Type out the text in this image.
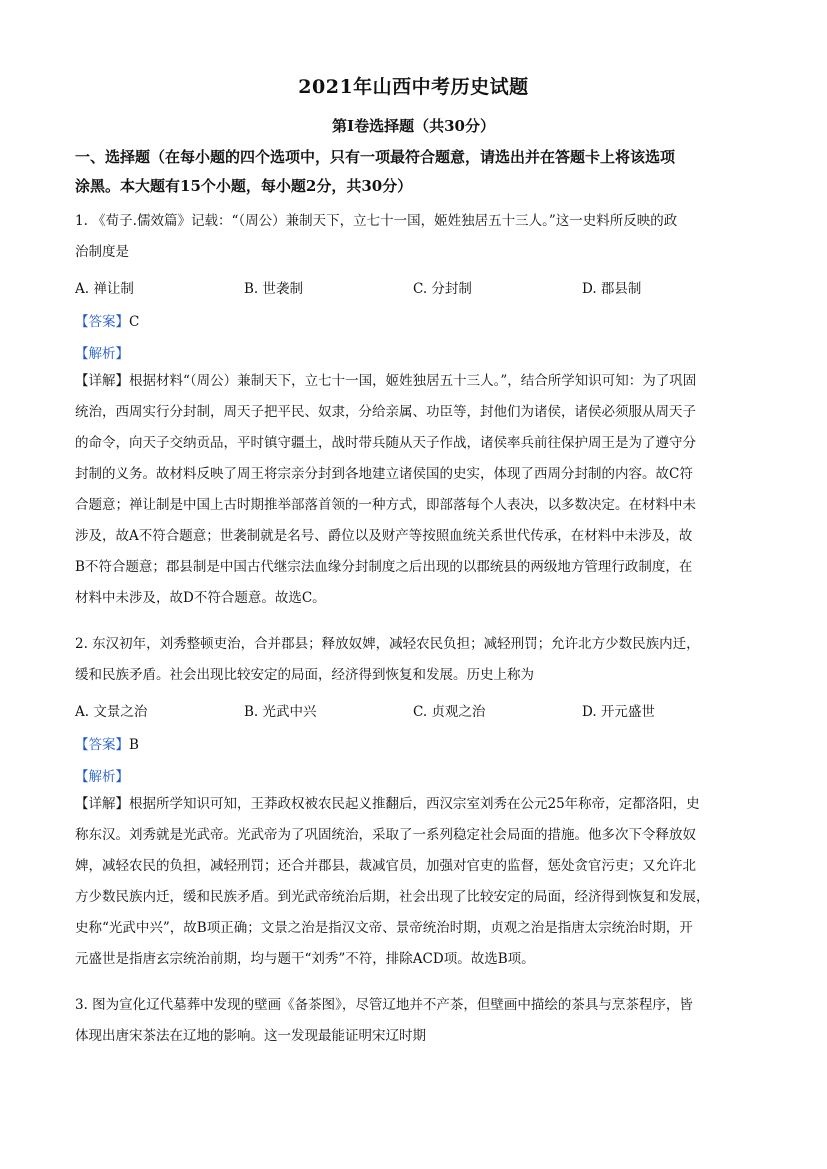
2021年山西中考历史试题
第Ⅰ卷选择题（共30分）
一、选择题（在每小题的四个选项中，只有一项最符合题意，请选出并在答题卡上将该选项
涂黑。本大题有15个小题，每小题2分，共30分）
1. 《荀子.儒效篇》记载：“（周公）兼制天下，立七十一国，姬姓独居五十三人。”这一史料所反映的政
治制度是
A. 禅让制	B. 世袭制	C. 分封制	D. 郡县制
【答案】C
【解析】
【详解】根据材料“（周公）兼制天下，立七十一国，姬姓独居五十三人。”，结合所学知识可知：为了巩固
统治，西周实行分封制，周天子把平民、奴隶，分给亲属、功臣等，封他们为诸侯，诸侯必须服从周天子
的命令，向天子交纳贡品，平时镇守疆土，战时带兵随从天子作战，诸侯率兵前往保护周王是为了遵守分
封制的义务。故材料反映了周王将宗亲分封到各地建立诸侯国的史实，体现了西周分封制的内容。故C符
合题意；禅让制是中国上古时期推举部落首领的一种方式，即部落每个人表决，以多数决定。在材料中未
涉及，故A不符合题意；世袭制就是名号、爵位以及财产等按照血统关系世代传承，在材料中未涉及，故
B不符合题意；郡县制是中国古代继宗法血缘分封制度之后出现的以郡统县的两级地方管理行政制度，在
材料中未涉及，故D不符合题意。故选C。
2. 东汉初年，刘秀整顿吏治，合并郡县；释放奴婢，减轻农民负担；减轻刑罚；允许北方少数民族内迁，
缓和民族矛盾。社会出现比较安定的局面，经济得到恢复和发展。历史上称为
A. 文景之治	B. 光武中兴	C. 贞观之治	D. 开元盛世
【答案】B
【解析】
【详解】根据所学知识可知，王莽政权被农民起义推翻后，西汉宗室刘秀在公元25年称帝，定都洛阳，史
称东汉。刘秀就是光武帝。光武帝为了巩固统治，采取了一系列稳定社会局面的措施。他多次下令释放奴
婢，减轻农民的负担，减轻刑罚；还合并郡县，裁减官员，加强对官吏的监督，惩处贪官污吏；又允许北
方少数民族内迁，缓和民族矛盾。到光武帝统治后期，社会出现了比较安定的局面，经济得到恢复和发展，
史称“光武中兴”，故B项正确；文景之治是指汉文帝、景帝统治时期，贞观之治是指唐太宗统治时期，开
元盛世是指唐玄宗统治前期，均与题干“刘秀”不符，排除ACD项。故选B项。
3. 图为宣化辽代墓葬中发现的壁画《备茶图》，尽管辽地并不产茶，但壁画中描绘的茶具与烹茶程序，皆
体现出唐宋茶法在辽地的影响。这一发现最能证明宋辽时期
